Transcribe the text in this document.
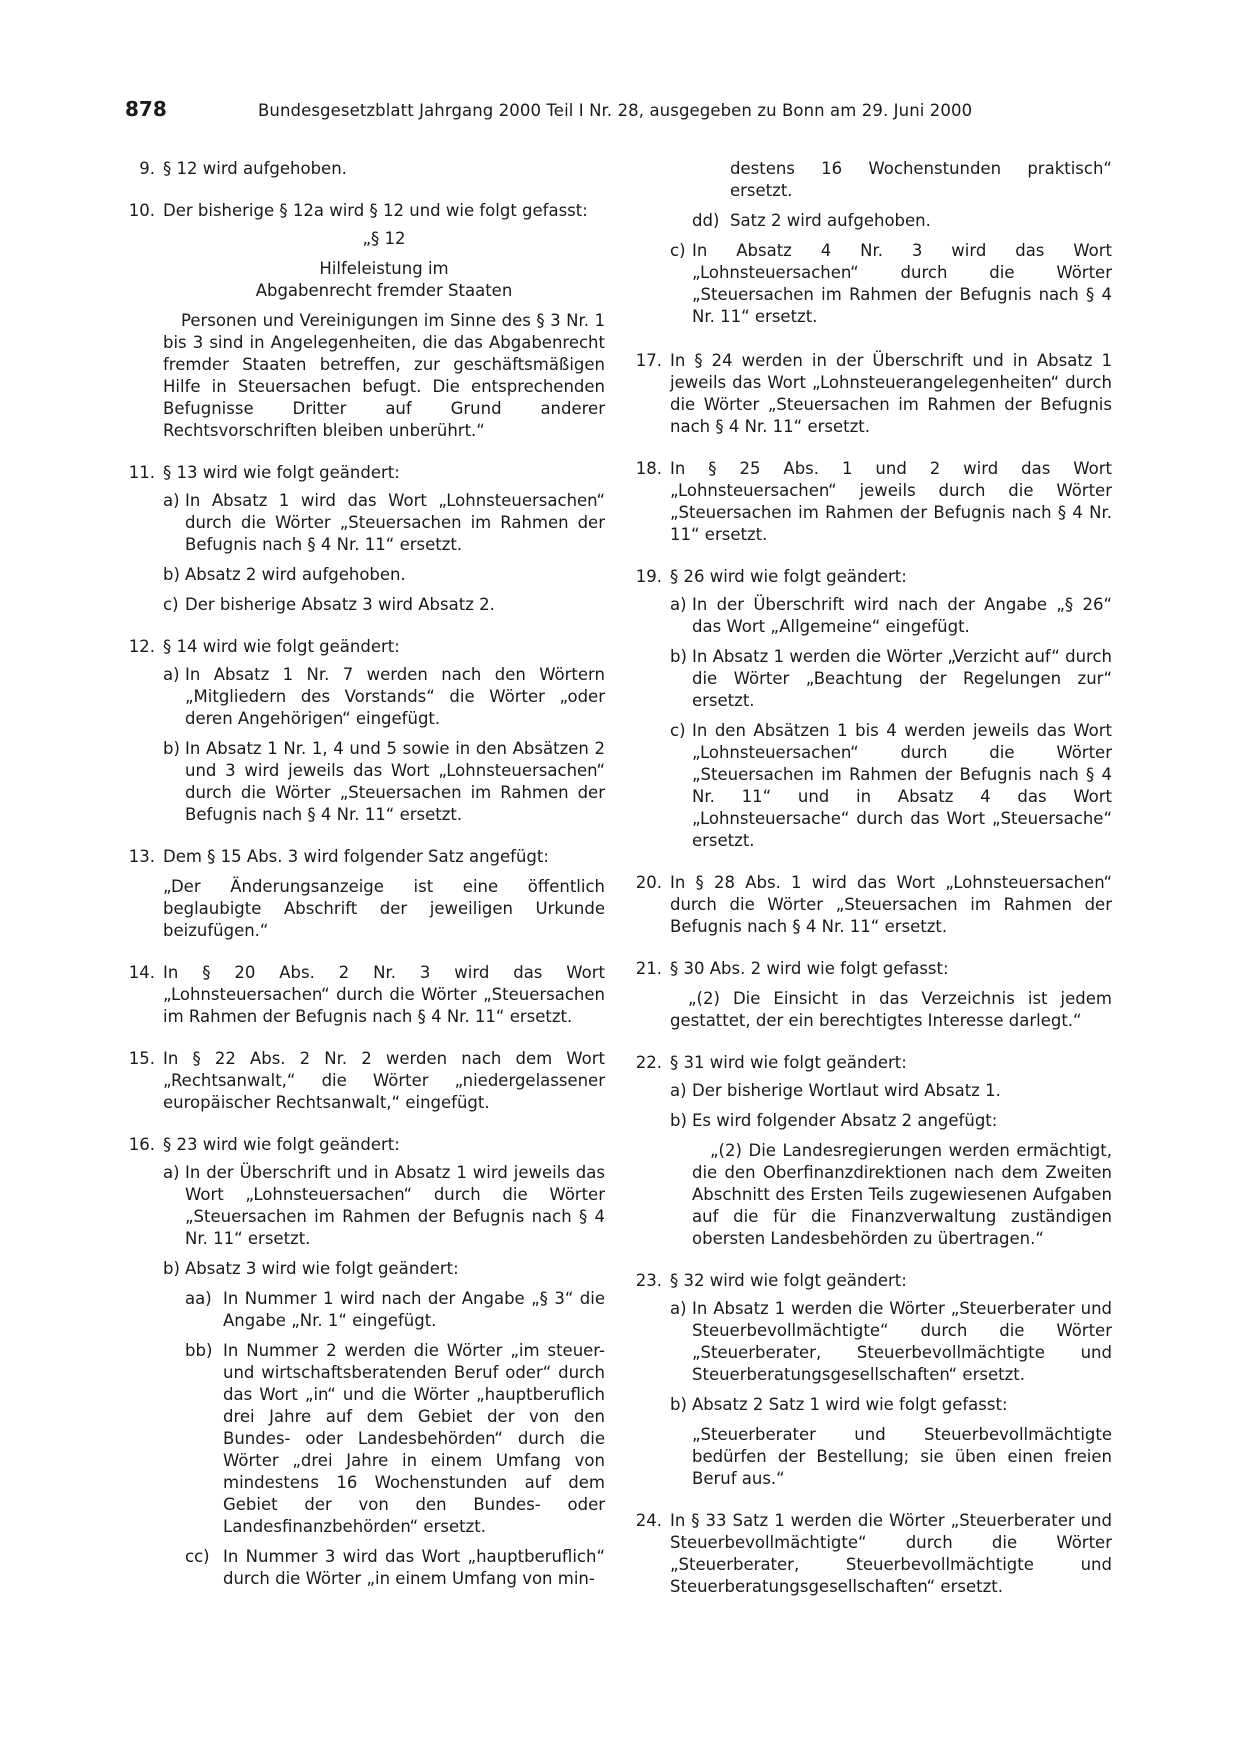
878	Bundesgesetzblatt Jahrgang 2000 Teil I Nr. 28, ausgegeben zu Bonn am 29. Juni 2000
9. § 12 wird aufgehoben.
10. Der bisherige § 12a wird § 12 und wie folgt gefasst:
„§ 12
Hilfeleistung im
Abgabenrecht fremder Staaten
Personen und Vereinigungen im Sinne des § 3 Nr. 1 bis 3 sind in Angelegenheiten, die das Abgabenrecht fremder Staaten betreffen, zur geschäftsmäßigen Hilfe in Steuersachen befugt. Die entsprechenden Befugnisse Dritter auf Grund anderer Rechtsvorschriften bleiben unberührt.“
11. § 13 wird wie folgt geändert:
a) In Absatz 1 wird das Wort „Lohnsteuersachen“ durch die Wörter „Steuersachen im Rahmen der Befugnis nach § 4 Nr. 11“ ersetzt.
b) Absatz 2 wird aufgehoben.
c) Der bisherige Absatz 3 wird Absatz 2.
12. § 14 wird wie folgt geändert:
a) In Absatz 1 Nr. 7 werden nach den Wörtern „Mitgliedern des Vorstands“ die Wörter „oder deren Angehörigen“ eingefügt.
b) In Absatz 1 Nr. 1, 4 und 5 sowie in den Absätzen 2 und 3 wird jeweils das Wort „Lohnsteuersachen“ durch die Wörter „Steuersachen im Rahmen der Befugnis nach § 4 Nr. 11“ ersetzt.
13. Dem § 15 Abs. 3 wird folgender Satz angefügt:
„Der Änderungsanzeige ist eine öffentlich beglaubigte Abschrift der jeweiligen Urkunde beizufügen.“
14. In § 20 Abs. 2 Nr. 3 wird das Wort „Lohnsteuersachen“ durch die Wörter „Steuersachen im Rahmen der Befugnis nach § 4 Nr. 11“ ersetzt.
15. In § 22 Abs. 2 Nr. 2 werden nach dem Wort „Rechtsanwalt,“ die Wörter „niedergelassener europäischer Rechtsanwalt,“ eingefügt.
16. § 23 wird wie folgt geändert:
a) In der Überschrift und in Absatz 1 wird jeweils das Wort „Lohnsteuersachen“ durch die Wörter „Steuersachen im Rahmen der Befugnis nach § 4 Nr. 11“ ersetzt.
b) Absatz 3 wird wie folgt geändert:
aa) In Nummer 1 wird nach der Angabe „§ 3“ die Angabe „Nr. 1“ eingefügt.
bb) In Nummer 2 werden die Wörter „im steuer- und wirtschaftsberatenden Beruf oder“ durch das Wort „in“ und die Wörter „hauptberuflich drei Jahre auf dem Gebiet der von den Bundes- oder Landesbehörden“ durch die Wörter „drei Jahre in einem Umfang von mindestens 16 Wochenstunden auf dem Gebiet der von den Bundes- oder Landesfinanzbehörden“ ersetzt.
cc) In Nummer 3 wird das Wort „hauptberuflich“ durch die Wörter „in einem Umfang von min-
destens 16 Wochenstunden praktisch“ ersetzt.
dd) Satz 2 wird aufgehoben.
c) In Absatz 4 Nr. 3 wird das Wort „Lohnsteuersachen“ durch die Wörter „Steuersachen im Rahmen der Befugnis nach § 4 Nr. 11“ ersetzt.
17. In § 24 werden in der Überschrift und in Absatz 1 jeweils das Wort „Lohnsteuerangelegenheiten“ durch die Wörter „Steuersachen im Rahmen der Befugnis nach § 4 Nr. 11“ ersetzt.
18. In § 25 Abs. 1 und 2 wird das Wort „Lohnsteuersachen“ jeweils durch die Wörter „Steuersachen im Rahmen der Befugnis nach § 4 Nr. 11“ ersetzt.
19. § 26 wird wie folgt geändert:
a) In der Überschrift wird nach der Angabe „§ 26“ das Wort „Allgemeine“ eingefügt.
b) In Absatz 1 werden die Wörter „Verzicht auf“ durch die Wörter „Beachtung der Regelungen zur“ ersetzt.
c) In den Absätzen 1 bis 4 werden jeweils das Wort „Lohnsteuersachen“ durch die Wörter „Steuersachen im Rahmen der Befugnis nach § 4 Nr. 11“ und in Absatz 4 das Wort „Lohnsteuersache“ durch das Wort „Steuersache“ ersetzt.
20. In § 28 Abs. 1 wird das Wort „Lohnsteuersachen“ durch die Wörter „Steuersachen im Rahmen der Befugnis nach § 4 Nr. 11“ ersetzt.
21. § 30 Abs. 2 wird wie folgt gefasst:
„(2) Die Einsicht in das Verzeichnis ist jedem gestattet, der ein berechtigtes Interesse darlegt.“
22. § 31 wird wie folgt geändert:
a) Der bisherige Wortlaut wird Absatz 1.
b) Es wird folgender Absatz 2 angefügt:
„(2) Die Landesregierungen werden ermächtigt, die den Oberfinanzdirektionen nach dem Zweiten Abschnitt des Ersten Teils zugewiesenen Aufgaben auf die für die Finanzverwaltung zuständigen obersten Landesbehörden zu übertragen.“
23. § 32 wird wie folgt geändert:
a) In Absatz 1 werden die Wörter „Steuerberater und Steuerbevollmächtigte“ durch die Wörter „Steuerberater, Steuerbevollmächtigte und Steuerberatungsgesellschaften“ ersetzt.
b) Absatz 2 Satz 1 wird wie folgt gefasst:
„Steuerberater und Steuerbevollmächtigte bedürfen der Bestellung; sie üben einen freien Beruf aus.“
24. In § 33 Satz 1 werden die Wörter „Steuerberater und Steuerbevollmächtigte“ durch die Wörter „Steuerberater, Steuerbevollmächtigte und Steuerberatungsgesellschaften“ ersetzt.
